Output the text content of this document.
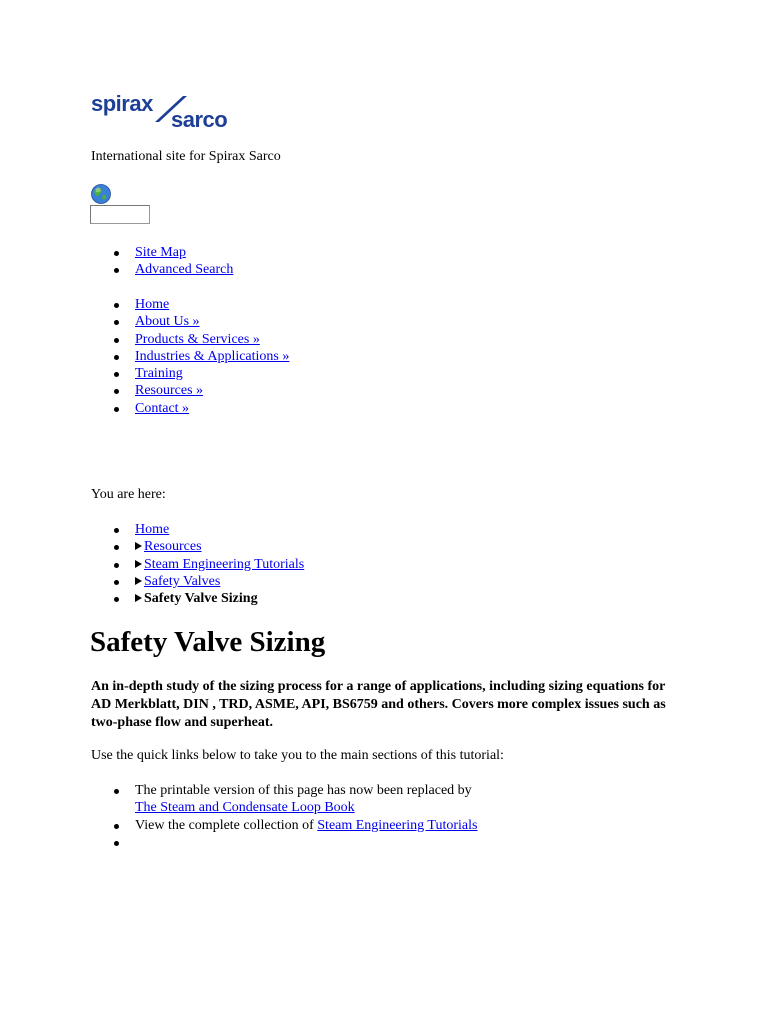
spirax
sarco
International site for Spirax Sarco
Site Map
Advanced Search
Home
About Us »
Products & Services »
Industries & Applications »
Training
Resources »
Contact »
You are here:
Home
Resources
Steam Engineering Tutorials
Safety Valves
Safety Valve Sizing
Safety Valve Sizing

An in-depth study of the sizing process for a range of applications, including sizing equations for AD Merkblatt, DIN , TRD, ASME, API, BS6759 and others. Covers more complex issues such as two-phase flow and superheat.

Use the quick links below to take you to the main sections of this tutorial:
The printable version of this page has now been replaced by
The Steam and Condensate Loop Book
View the complete collection of Steam Engineering Tutorials
